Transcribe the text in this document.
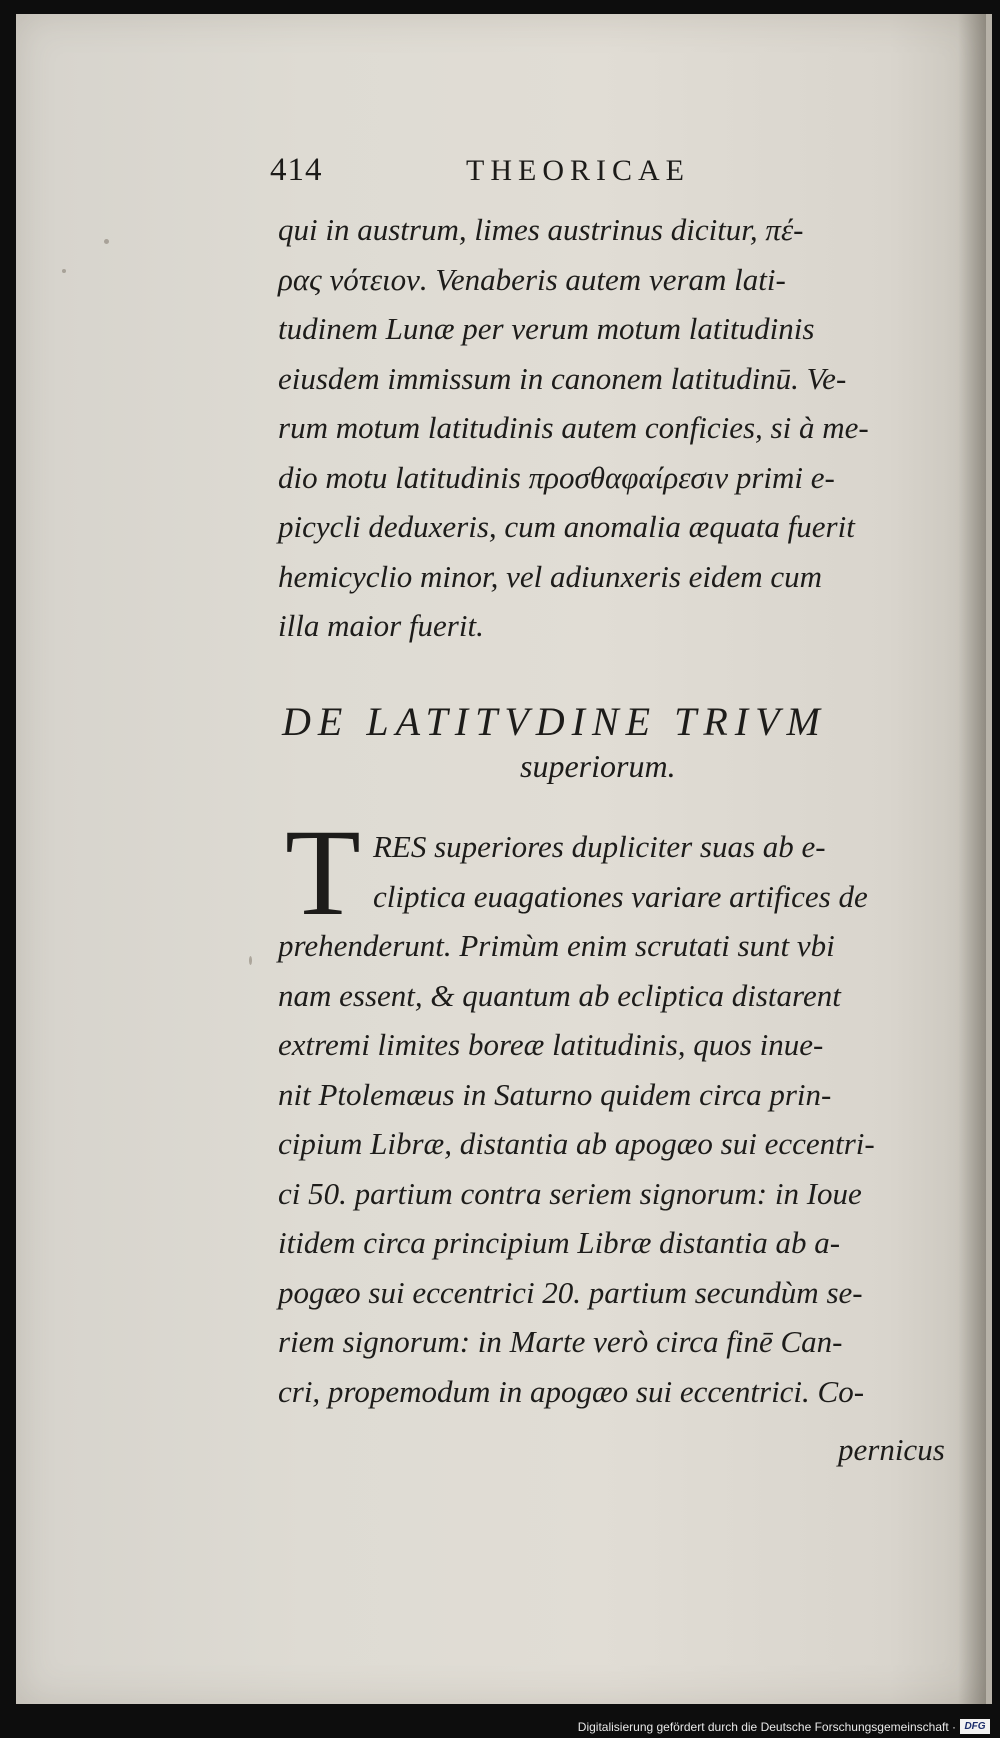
414	THEORICAE
qui in austrum, limes austrinus dicitur, πέ-
ρας νότειον. Venaberis autem veram lati-
tudinem Lunæ per verum motum latitudinis
eiusdem immissum in canonem latitudinū. Ve-
rum motum latitudinis autem conficies, si à me-
dio motu latitudinis προσθαφαίρεσιν primi e-
picycli deduxeris, cum anomalia æquata fuerit
hemicyclio minor, vel adiunxeris eidem cum
illa maior fuerit.
DE LATITVDINE TRIVM
superiorum.
T RES superiores dupliciter suas ab e-
cliptica euagationes variare artifices de
prehenderunt. Primùm enim scrutati sunt vbi
nam essent, & quantum ab ecliptica distarent
extremi limites boreæ latitudinis, quos inue-
nit Ptolemæus in Saturno quidem circa prin-
cipium Libræ, distantia ab apogæo sui eccentri-
ci 50. partium contra seriem signorum: in Ioue
itidem circa principium Libræ distantia ab a-
pogæo sui eccentrici 20. partium secundùm se-
riem signorum: in Marte verò circa finē Can-
cri, propemodum in apogæo sui eccentrici. Co-
pernicus
Digitalisierung gefördert durch die Deutsche Forschungsgemeinschaft · DFG
